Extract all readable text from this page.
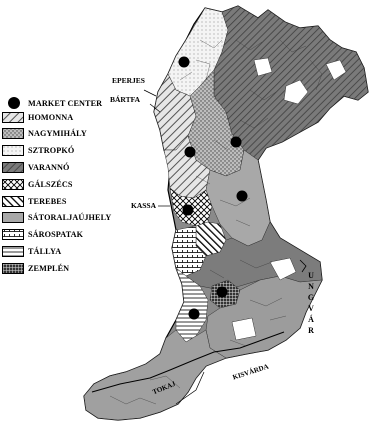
MARKET CENTER
HOMONNA
NAGYMIHÁLY
SZTROPKÓ
VARANNÓ
GÁLSZÉCS
TEREBES
SÁTORALJAÚJHELY
SÁROSPATAK
TÁLLYA
ZEMPLÉN
EPERJES
BÁRTFA
KASSA
U
N
G
V
Á
R
TOKAJ
KISVÁRDA
